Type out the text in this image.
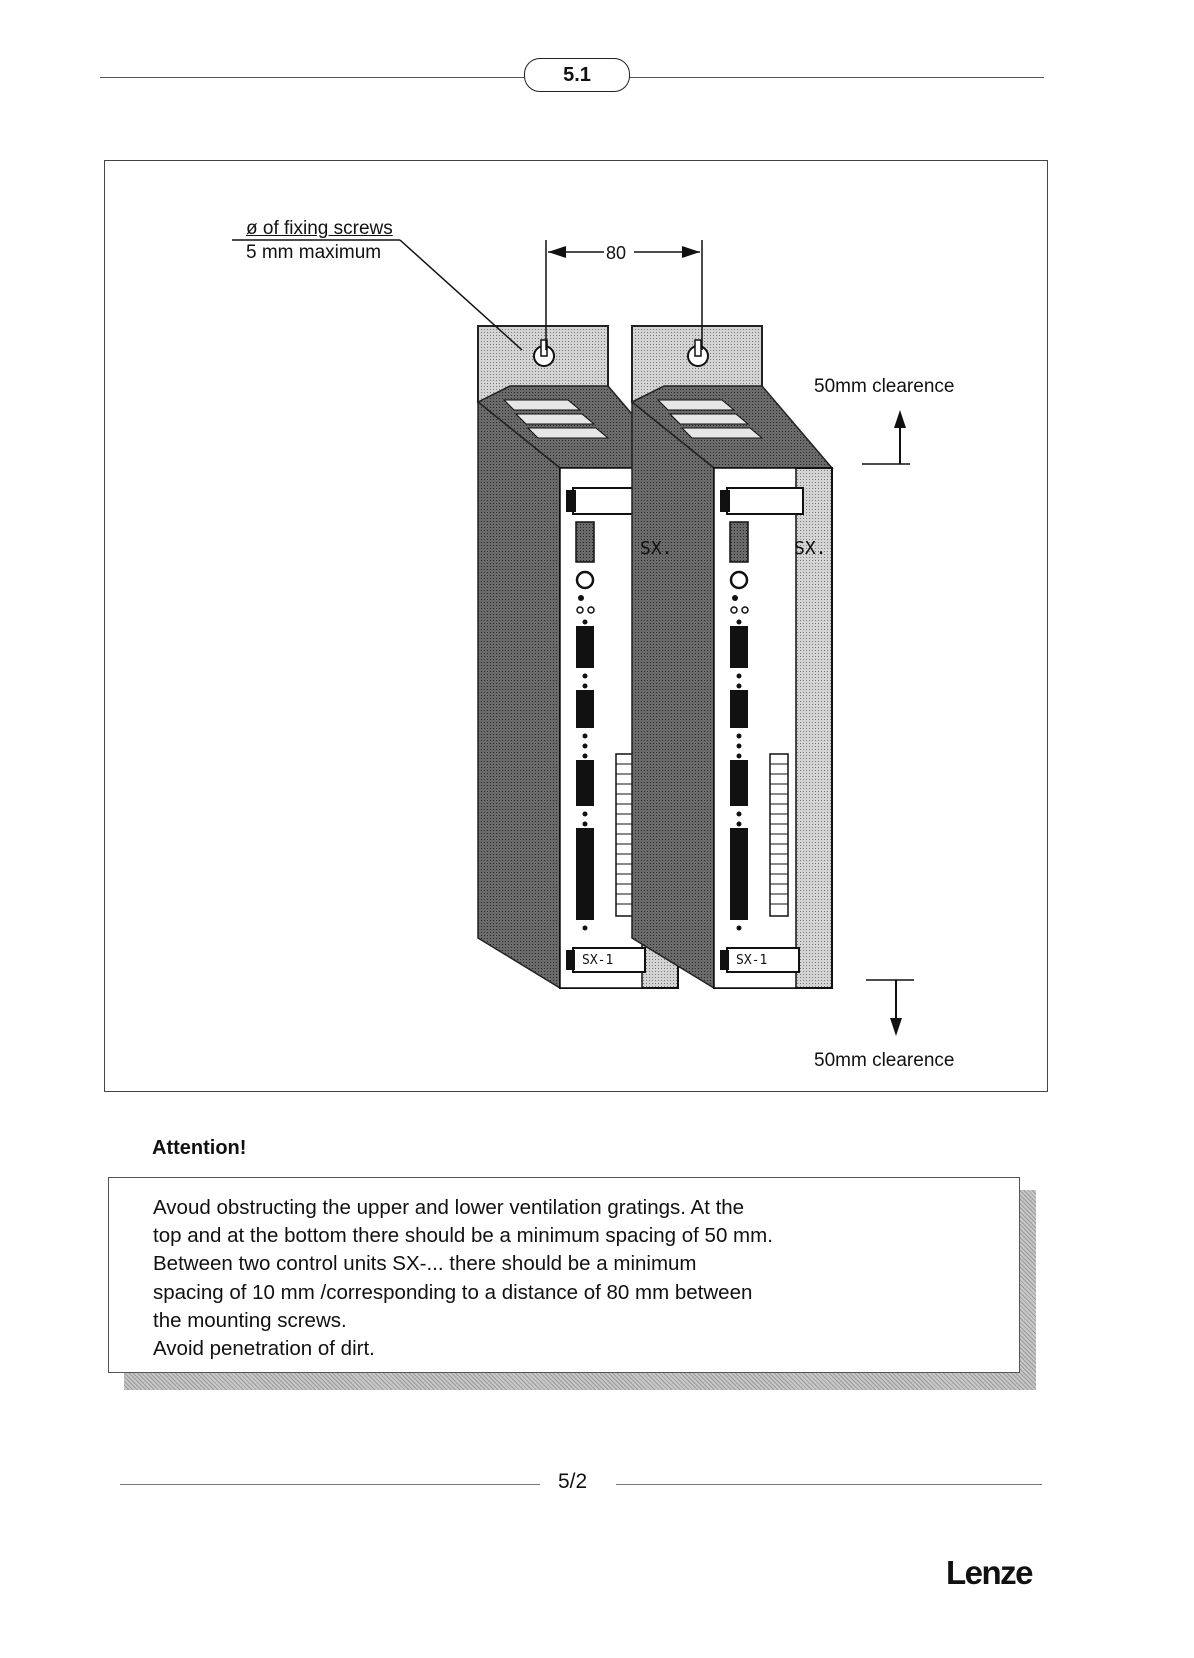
5.1
ø of fixing screws
5 mm maximum	80
50mm clearence
50mm clearence
SX.	SX.
SX-1	SX-1
Attention!
Avoud obstructing the upper and lower ventilation gratings. At the
top and at the bottom there should be a minimum spacing of 50 mm.
Between two control units SX-... there should be a minimum
spacing of 10 mm /corresponding to a distance of 80 mm between
the mounting screws.
Avoid penetration of dirt.
5/2
Lenze
